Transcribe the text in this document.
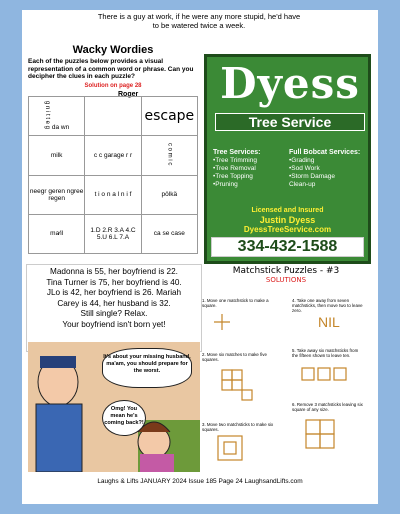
There is a guy at work, if he were any more stupid, he'd have
to be watered twice a week.
Wacky Wordies
Each of the puzzles below provides a visual representation of a common word or phrase. Can you decipher the clues in each puzzle?
Solution on page 28
Roger
g n i t t e g da wn		escape
milk	c c garage r r	c o m i c
neegr geren ngree regen	t i o n a l n i f	pölkä
ma∕il	1.D 2.R 3.A 4.C 5.U 6.L 7.A	ca se case
Dyess
Tree Service
Tree Services:
•Tree Trimming
•Tree Removal
•Tree Topping
•Pruning
Full Bobcat Services:
•Grading
•Sod Work
•Storm Damage
Clean-up
Licensed and Insured
Justin Dyess
DyessTreeService.com
334-432-1588
Madonna is 55, her boyfriend is 22.
Tina Turner is 75, her boyfriend is 40.
JLo is 42, her boyfriend is 26. Mariah
Carey is 44, her husband is 32.
Still single? Relax.
Your boyfriend isn't born yet!
It's about your missing husband, ma'am, you should prepare for the worst.
Omg! You mean he's coming back?!
Matchstick Puzzles - #3
SOLUTIONS
1. Move one matchstick to make a square.
2. Move six matches to make five squares.
3. Move two matchsticks to make six squares.
4. Take one away from seven matchsticks, then move two to leave zero.
NIL
5. Take away six matchsticks from the fifteen shown to leave ten.
6. Remove 3 matchsticks leaving six square of any size.
Laughs & Lifts JANUARY 2024 Issue 185 Page 24 LaughsandLifts.com
